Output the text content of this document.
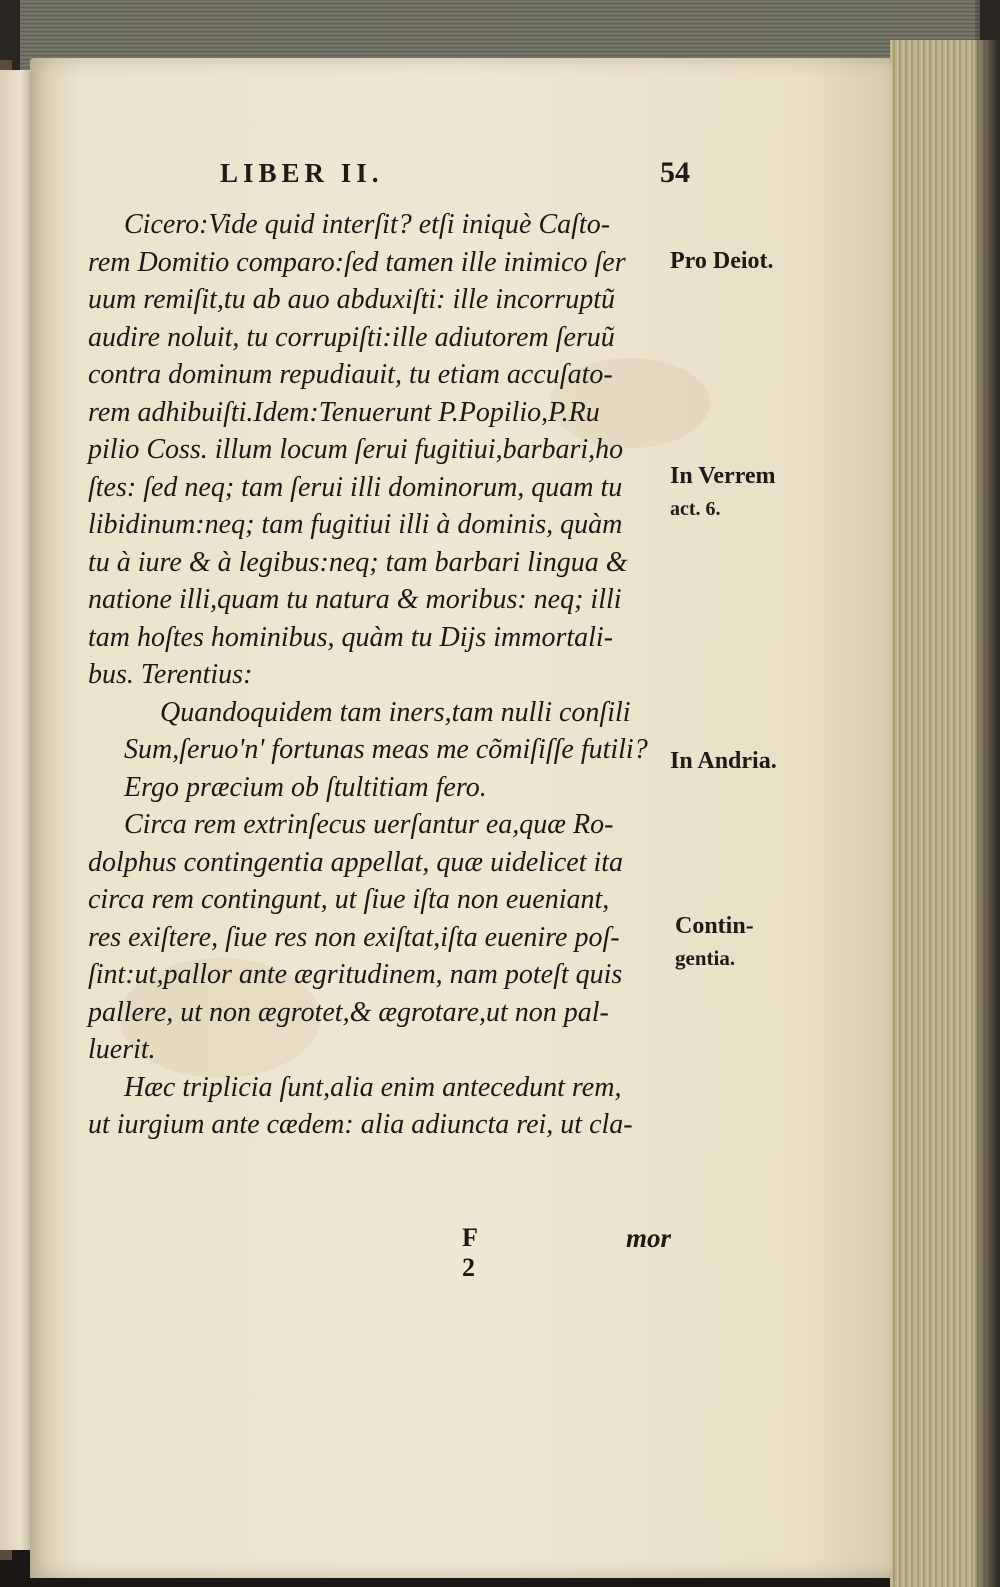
LIBER II.	54
Cicero:Vide quid interſit? etſi iniquè Caſto-
rem Domitio comparo:ſed tamen ille inimico ſer
uum remiſit,tu ab auo abduxiſti: ille incorruptũ
audire noluit, tu corrupiſti:ille adiutorem ſeruũ
contra dominum repudiauit, tu etiam accuſato-
rem adhibuiſti.Idem:Tenuerunt P.Popilio,P.Ru
pilio Coss. illum locum ſerui fugitiui,barbari,ho
ſtes: ſed neq; tam ſerui illi dominorum, quam tu
libidinum:neq; tam fugitiui illi à dominis, quàm
tu à iure & à legibus:neq; tam barbari lingua &
natione illi,quam tu natura & moribus: neq; illi
tam hoſtes hominibus, quàm tu Dijs immortali-
bus. Terentius:
Quandoquidem tam iners,tam nulli conſili
Sum,ſeruo'n' fortunas meas me cõmiſiſſe futili?
Ergo præcium ob ſtultitiam fero.
Circa rem extrinſecus uerſantur ea,quæ Ro-
dolphus contingentia appellat, quæ uidelicet ita
circa rem contingunt, ut ſiue iſta non eueniant,
res exiſtere, ſiue res non exiſtat,iſta euenire poſ-
ſint:ut,pallor ante ægritudinem, nam poteſt quis
pallere, ut non ægrotet,& ægrotare,ut non pal-
luerit.
Hæc triplicia ſunt,alia enim antecedunt rem,
ut iurgium ante cædem: alia adiuncta rei, ut cla-
Pro Deiot.
In Verrem
act. 6.
In Andria.
Contin-
gentia.
F 2
mor
